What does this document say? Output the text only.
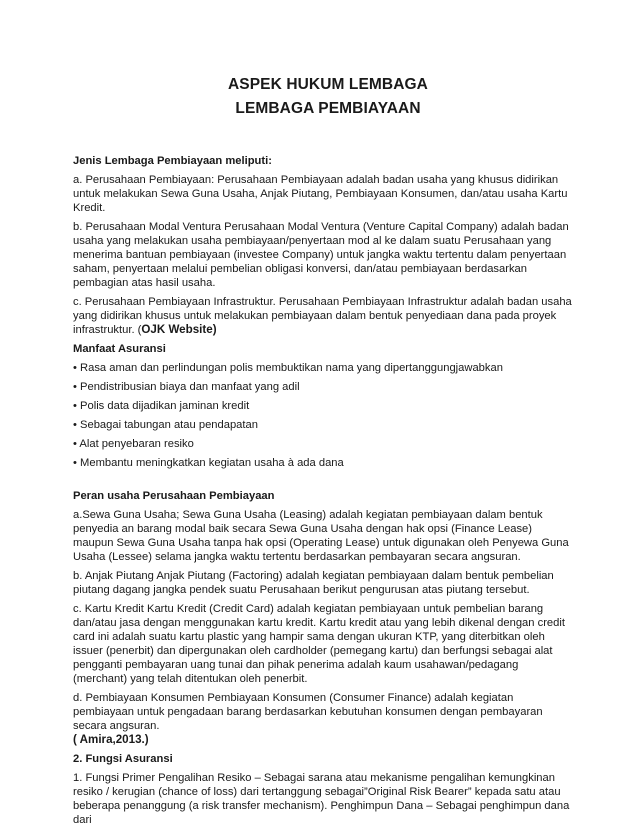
ASPEK HUKUM LEMBAGA
LEMBAGA PEMBIAYAAN

Jenis Lembaga Pembiayaan meliputi:

a. Perusahaan Pembiayaan: Perusahaan Pembiayaan adalah badan usaha yang khusus didirikan untuk melakukan Sewa Guna Usaha, Anjak Piutang, Pembiayaan Konsumen, dan/atau usaha Kartu Kredit.

b. Perusahaan Modal Ventura Perusahaan Modal Ventura (Venture Capital Company) adalah badan usaha yang melakukan usaha pembiayaan/penyertaan mod al ke dalam suatu Perusahaan yang menerima bantuan pembiayaan (investee Company) untuk jangka waktu tertentu dalam penyertaan saham, penyertaan melalui pembelian obligasi konversi, dan/atau pembiayaan berdasarkan pembagian atas hasil usaha.

c. Perusahaan Pembiayaan Infrastruktur. Perusahaan Pembiayaan Infrastruktur adalah badan usaha yang didirikan khusus untuk melakukan pembiayaan dalam bentuk penyediaan dana pada proyek infrastruktur. (OJK Website)

Manfaat Asuransi

• Rasa aman dan perlindungan polis membuktikan nama yang dipertanggungjawabkan

• Pendistribusian biaya dan manfaat yang adil

• Polis data dijadikan jaminan kredit

• Sebagai tabungan atau pendapatan

• Alat penyebaran resiko

• Membantu meningkatkan kegiatan usaha à ada dana

Peran usaha Perusahaan Pembiayaan

a.Sewa Guna Usaha; Sewa Guna Usaha (Leasing) adalah kegiatan pembiayaan dalam bentuk penyedia an barang modal baik secara Sewa Guna Usaha dengan hak opsi (Finance Lease) maupun Sewa Guna Usaha tanpa hak opsi (Operating Lease) untuk digunakan oleh Penyewa Guna Usaha (Lessee) selama jangka waktu tertentu berdasarkan pembayaran secara angsuran.

b. Anjak Piutang Anjak Piutang (Factoring) adalah kegiatan pembiayaan dalam bentuk pembelian piutang dagang jangka pendek suatu Perusahaan berikut pengurusan atas piutang tersebut.

c. Kartu Kredit Kartu Kredit (Credit Card) adalah kegiatan pembiayaan untuk pembelian barang dan/atau jasa dengan menggunakan kartu kredit. Kartu kredit atau yang lebih dikenal dengan credit card ini adalah suatu kartu plastic yang hampir sama dengan ukuran KTP, yang diterbitkan oleh issuer (penerbit) dan dipergunakan oleh cardholder (pemegang kartu) dan berfungsi sebagai alat pengganti pembayaran uang tunai dan pihak penerima adalah kaum usahawan/pedagang (merchant) yang telah ditentukan oleh penerbit.

d. Pembiayaan Konsumen Pembiayaan Konsumen (Consumer Finance) adalah kegiatan pembiayaan untuk pengadaan barang berdasarkan kebutuhan konsumen dengan pembayaran secara angsuran.
( Amira,2013.)

2. Fungsi Asuransi

1. Fungsi Primer Pengalihan Resiko – Sebagai sarana atau mekanisme pengalihan kemungkinan resiko / kerugian (chance of loss) dari tertanggung sebagai”Original Risk Bearer” kepada satu atau beberapa penanggung (a risk transfer mechanism). Penghimpun Dana – Sebagai penghimpun dana dari
